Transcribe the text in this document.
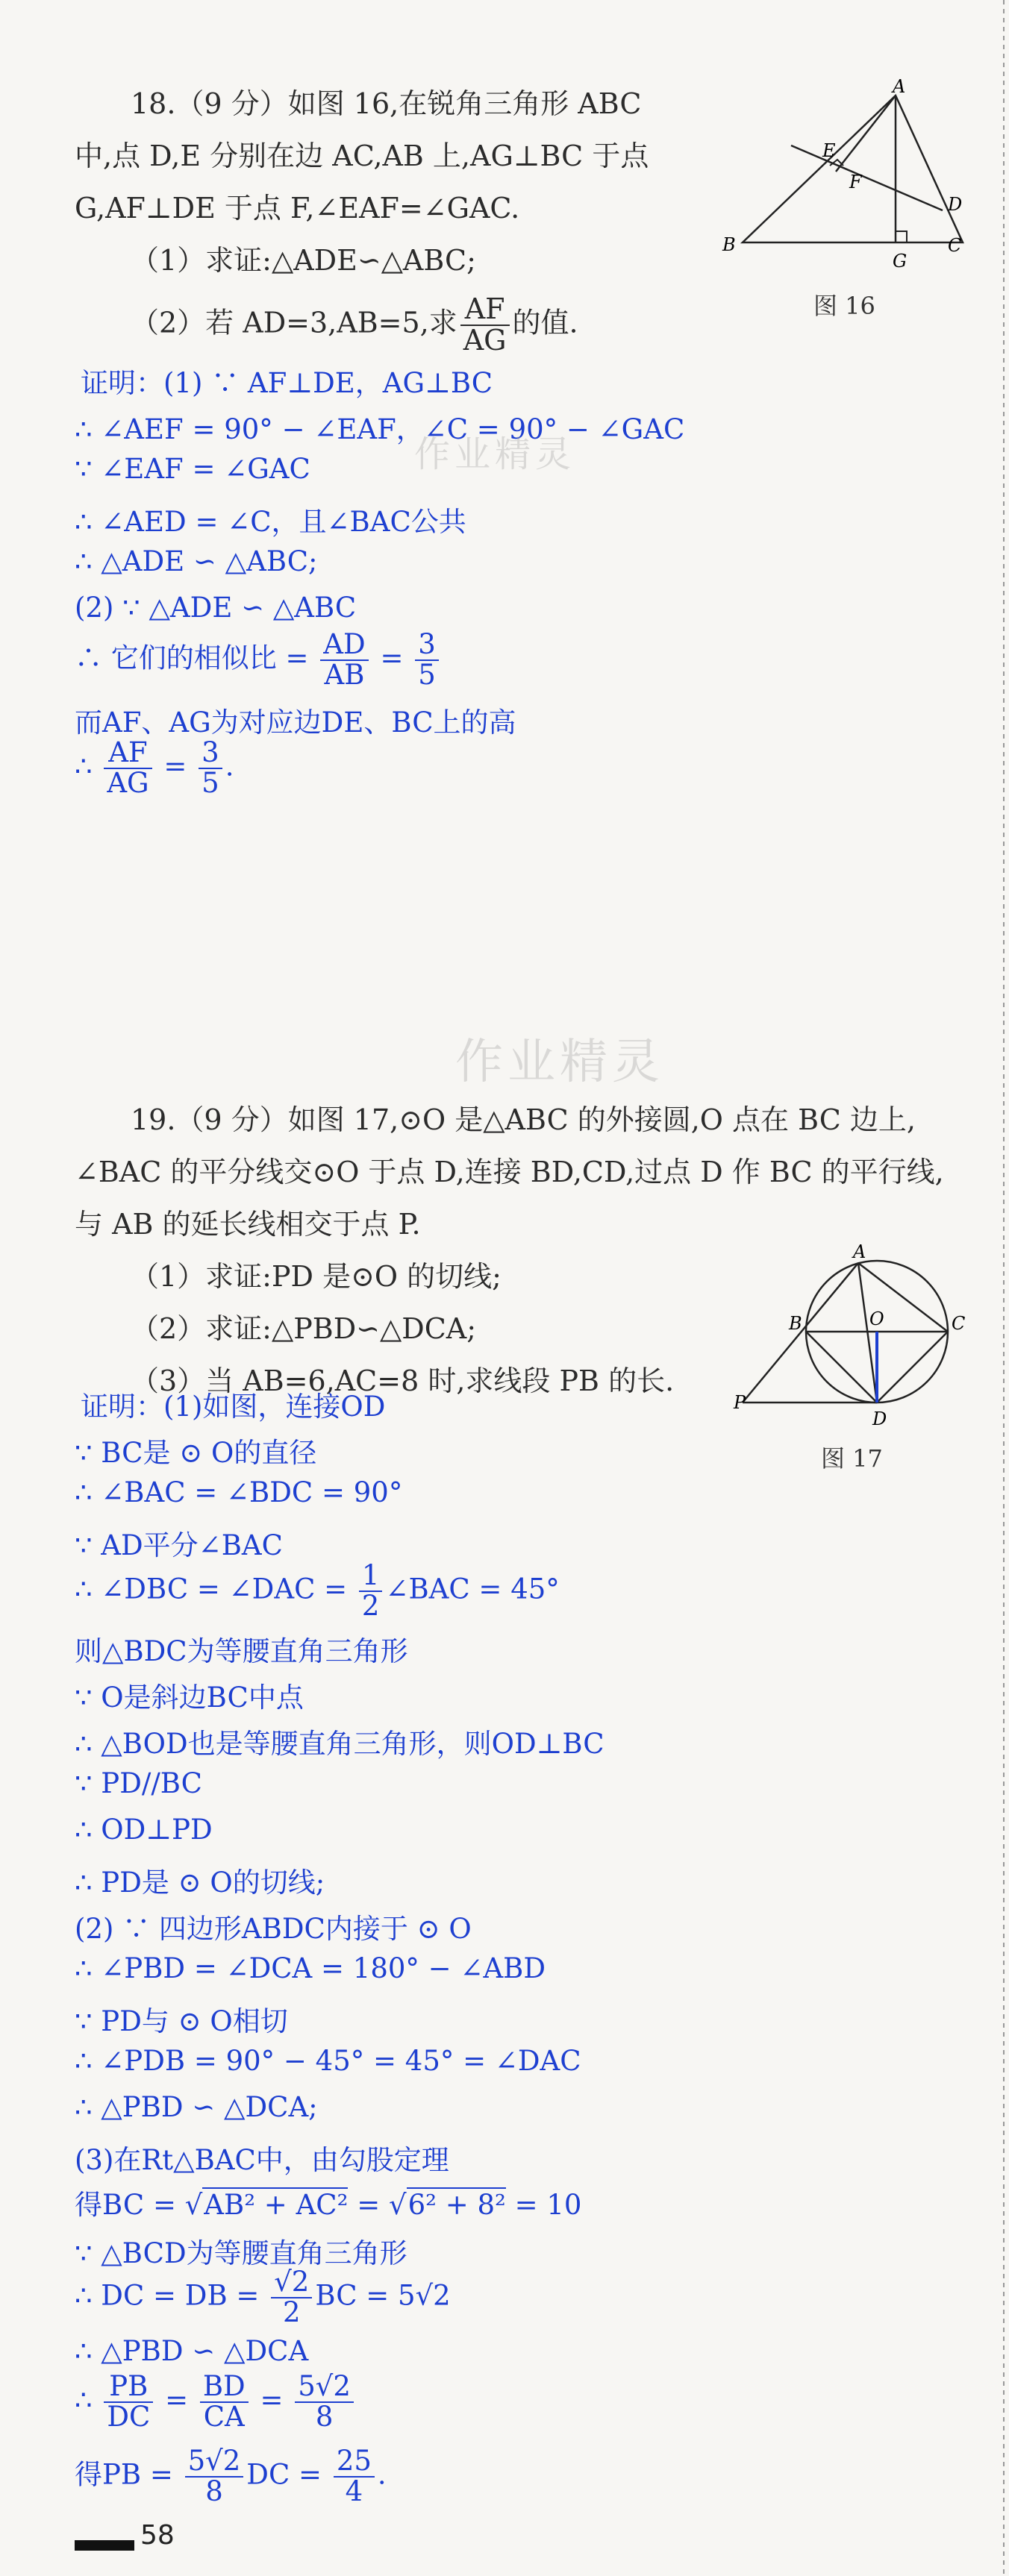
18.（9 分）如图 16,在锐角三角形 ABC
中,点 D,E 分别在边 AC,AB 上,AG⊥BC 于点
G,AF⊥DE 于点 F,∠EAF=∠GAC.
（1）求证:△ADE∽△ABC;
（2）若 AD=3,AB=5,求 $\frac{AF}{AG}$ 的值.
A
B	C
D
E
F
G
图 16
证明：(1) ∵ AF⊥DE，AG⊥BC
∴ ∠AEF = 90° − ∠EAF，∠C = 90° − ∠GAC
∵ ∠EAF = ∠GAC
∴ ∠AED = ∠C，且∠BAC公共
∴ △ADE ∽ △ABC;
(2) ∵ △ADE ∽ △ABC
∴ 它们的相似比 = $\frac{AD}{AB} = \frac{3}{5}$
而AF、AG为对应边DE、BC上的高
∴ $\frac{AF}{AG} = \frac{3}{5}$ .
作业精灵
作业精灵
19.（9 分）如图 17,⊙O 是△ABC 的外接圆,O 点在 BC 边上,
∠BAC 的平分线交⊙O 于点 D,连接 BD,CD,过点 D 作 BC 的平行线,
与 AB 的延长线相交于点 P.
（1）求证:PD 是⊙O 的切线;
（2）求证:△PBD∽△DCA;
（3）当 AB=6,AC=8 时,求线段 PB 的长.
A
B	C
D
O
P
图 17
证明：(1)如图，连接OD
∵ BC是 ⊙ O的直径
∴ ∠BAC = ∠BDC = 90°
∵ AD平分∠BAC
∴ ∠DBC = ∠DAC = $\frac{1}{2}$ ∠BAC = 45°
则△BDC为等腰直角三角形
∵ O是斜边BC中点
∴ △BOD也是等腰直角三角形，则OD⊥BC
∵ PD//BC
∴ OD⊥PD
∴ PD是 ⊙ O的切线;
(2) ∵ 四边形ABDC内接于 ⊙ O
∴ ∠PBD = ∠DCA = 180° − ∠ABD
∵ PD与 ⊙ O相切
∴ ∠PDB = 90° − 45° = 45° = ∠DAC
∴ △PBD ∽ △DCA;
(3)在Rt△BAC中，由勾股定理
得BC = √AB² + AC² = √6² + 8² = 10
∵ △BCD为等腰直角三角形
∴ DC = DB = $\frac{√2}{2}$ BC = 5√2
∴ △PBD ∽ △DCA
∴ $\frac{PB}{DC} = \frac{BD}{CA} = \frac{5√2}{8}$
得PB = $\frac{5√2}{8}$ DC = $\frac{25}{4}$ .
58
